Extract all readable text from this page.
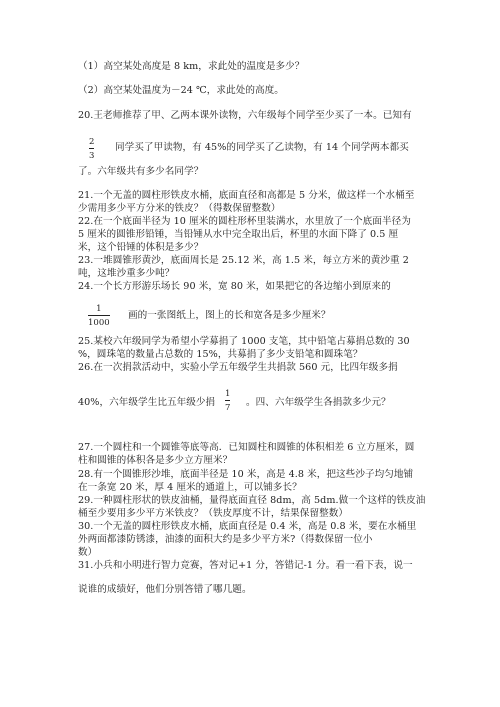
（1）高空某处高度是 8 km，求此处的温度是多少？
（2）高空某处温度为－24 ℃，求此处的高度。
20.王老师推荐了甲、乙两本课外读物，六年级每个同学至少买了一本。已知有
2
3
同学买了甲读物，有 45%的同学买了乙读物，有 14 个同学两本都买
了。六年级共有多少名同学？
21.一个无盖的圆柱形铁皮水桶，底面直径和高都是 5 分米，做这样一个水桶至
少需用多少平方分米的铁皮？（得数保留整数）
22.在一个底面半径为 10 厘米的圆柱形杯里装满水，水里放了一个底面半径为
5 厘米的圆锥形铅锤，当铅锤从水中完全取出后，杯里的水面下降了 0.5 厘
米，这个铅锤的体积是多少？
23.一堆圆锥形黄沙，底面周长是 25.12 米，高 1.5 米，每立方米的黄沙重 2
吨，这堆沙重多少吨？
24.一个长方形游乐场长 90 米，宽 80 米，如果把它的各边缩小到原来的
1
1000
画的一张图纸上，图上的长和宽各是多少厘米？
25.某校六年级同学为希望小学募捐了 1000 支笔，其中铅笔占募捐总数的 30
%，圆珠笔的数量占总数的 15%，共募捐了多少支铅笔和圆珠笔？
26.在一次捐款活动中，实验小学五年级学生共捐款 560 元，比四年级多捐
40%，六年级学生比五年级少捐
1
7 。四、六年级学生各捐款多少元？
27.一个圆柱和一个圆锥等底等高．已知圆柱和圆锥的体积相差 6 立方厘米，圆
柱和圆锥的体积各是多少立方厘米？
28.有一个圆锥形沙堆，底面半径是 10 米，高是 4.8 米，把这些沙子均匀地铺
在一条宽 20 米，厚 4 厘米的通道上，可以铺多长？
29.一种圆柱形状的铁皮油桶，量得底面直径 8dm，高 5dm.做一个这样的铁皮油
桶至少要用多少平方米铁皮？（铁皮厚度不计，结果保留整数）
30.一个无盖的圆柱形铁皮水桶，底面直径是 0.4 米，高是 0.8 米，要在水桶里
外两面都漆防锈漆，油漆的面积大约是多少平方米?（得数保留一位小
数）
31.小兵和小明进行智力竞赛，答对记+1 分，答错记-1 分。看一看下表，说一
说谁的成绩好，他们分别答错了哪几题。
